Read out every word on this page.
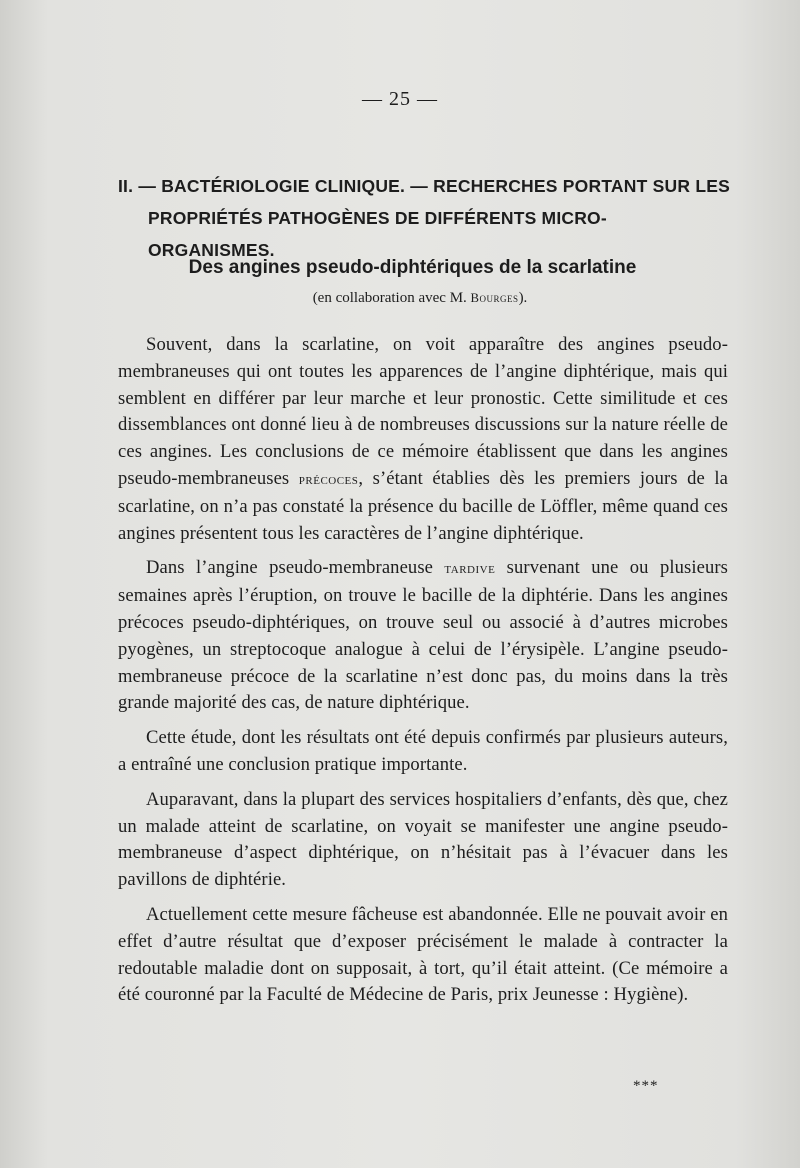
— 25 —
II. — BACTÉRIOLOGIE CLINIQUE. — RECHERCHES PORTANT SUR LES
PROPRIÉTÉS PATHOGÈNES DE DIFFÉRENTS MICRO-ORGANISMES.
Des angines pseudo-diphtériques de la scarlatine
(en collaboration avec M. Bourges).

Souvent, dans la scarlatine, on voit apparaître des angines pseudo-membraneuses qui ont toutes les apparences de l’angine diphtérique, mais qui semblent en différer par leur marche et leur pronostic. Cette similitude et ces dissemblances ont donné lieu à de nombreuses discussions sur la nature réelle de ces angines. Les conclusions de ce mémoire établissent que dans les angines pseudo-membraneuses précoces, s’étant établies dès les premiers jours de la scarlatine, on n’a pas constaté la présence du bacille de Löffler, même quand ces angines présentent tous les caractères de l’angine diphtérique.

Dans l’angine pseudo-membraneuse tardive survenant une ou plusieurs semaines après l’éruption, on trouve le bacille de la diphtérie. Dans les angines précoces pseudo-diphtériques, on trouve seul ou associé à d’autres microbes pyogènes, un streptocoque analogue à celui de l’érysipèle. L’angine pseudo-membraneuse précoce de la scarlatine n’est donc pas, du moins dans la très grande majorité des cas, de nature diphtérique.

Cette étude, dont les résultats ont été depuis confirmés par plusieurs auteurs, a entraîné une conclusion pratique importante.

Auparavant, dans la plupart des services hospitaliers d’enfants, dès que, chez un malade atteint de scarlatine, on voyait se manifester une angine pseudo-membraneuse d’aspect diphtérique, on n’hésitait pas à l’évacuer dans les pavillons de diphtérie.

Actuellement cette mesure fâcheuse est abandonnée. Elle ne pouvait avoir en effet d’autre résultat que d’exposer précisément le malade à contracter la redoutable maladie dont on supposait, à tort, qu’il était atteint. (Ce mémoire a été couronné par la Faculté de Médecine de Paris, prix Jeunesse : Hygiène).

***
